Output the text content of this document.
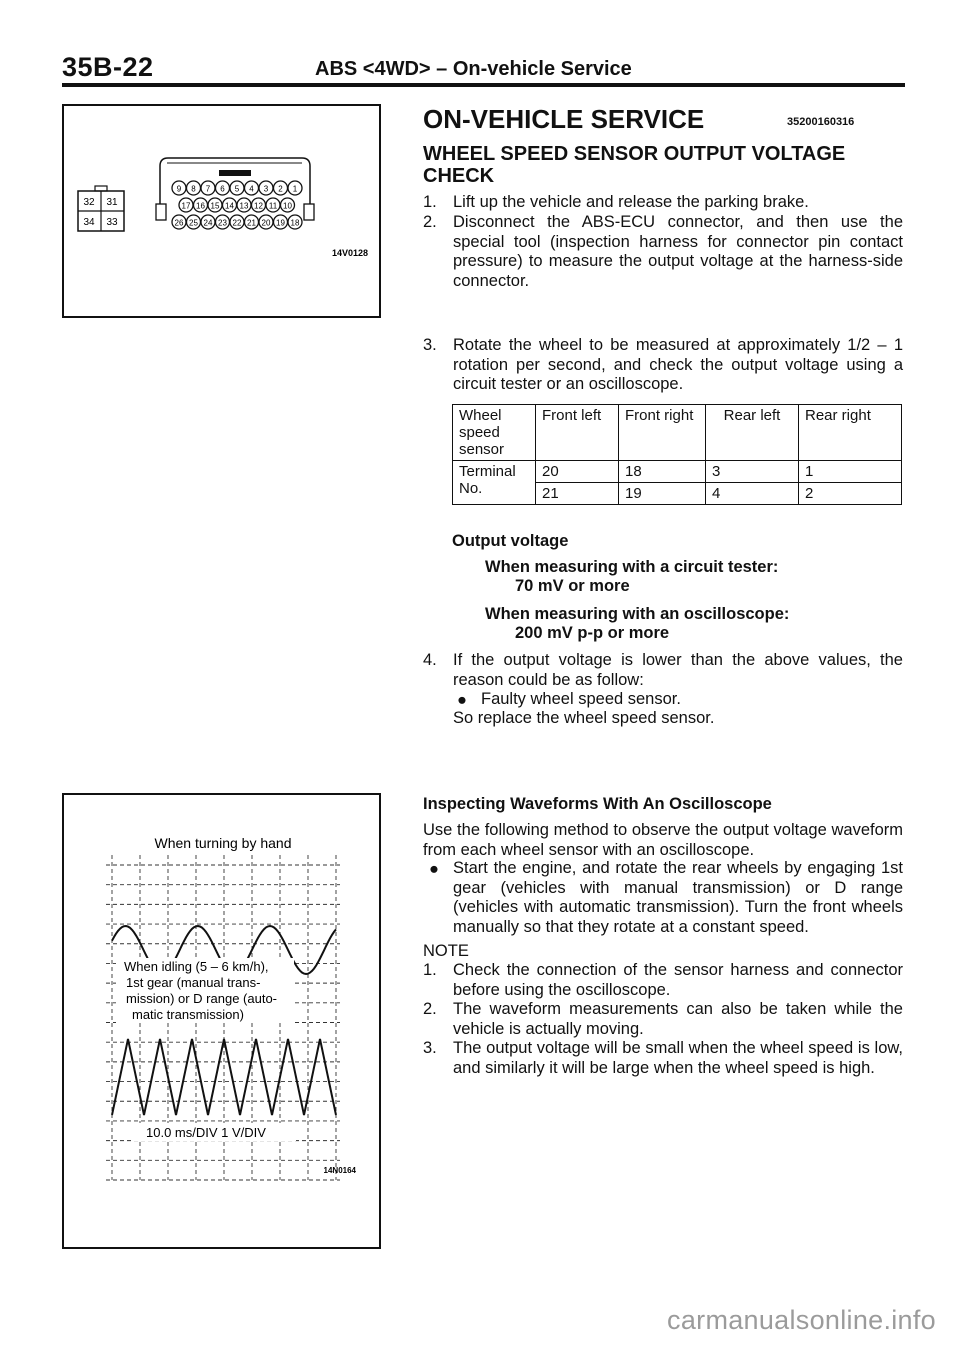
35B-22	ABS <4WD> – On-vehicle Service
32 31
34 33
9 8 7 6 5 4 3 2 1
17 16 15 14 13 12 11 10
26 25 24 23 22 21 20 19 18
14V0128
ON-VEHICLE SERVICE	35200160316
WHEEL SPEED SENSOR OUTPUT VOLTAGE CHECK
1. Lift up the vehicle and release the parking brake.
2. Disconnect the ABS-ECU connector, and then use the special tool (inspection harness for connector pin contact pressure) to measure the output voltage at the harness-side connector.
3. Rotate the wheel to be measured at approximately 1/2 – 1 rotation per second, and check the output voltage using a circuit tester or an oscilloscope.
Wheel speed sensor	Front left	Front right	Rear left	Rear right
Terminal No.	20	18	3	1
	21	19	4	2
Output voltage
When measuring with a circuit tester:
70 mV or more
When measuring with an oscilloscope:
200 mV p-p or more
4. If the output voltage is lower than the above values, the reason could be as follow:
● Faulty wheel speed sensor.
So replace the wheel speed sensor.
Inspecting Waveforms With An Oscilloscope
Use the following method to observe the output voltage waveform from each wheel sensor with an oscilloscope.
● Start the engine, and rotate the rear wheels by engaging 1st gear (vehicles with manual transmission) or D range (vehicles with automatic transmission). Turn the front wheels manually so that they rotate at a constant speed.
NOTE
1. Check the connection of the sensor harness and connector before using the oscilloscope.
2. The waveform measurements can also be taken while the vehicle is actually moving.
3. The output voltage will be small when the wheel speed is low, and similarly it will be large when the wheel speed is high.
When turning by hand
When idling (5 – 6 km/h),
1st gear (manual trans-
mission) or D range (auto-
matic transmission)
10.0 ms/DIV 1 V/DIV
14N0164
carmanualsonline.info
